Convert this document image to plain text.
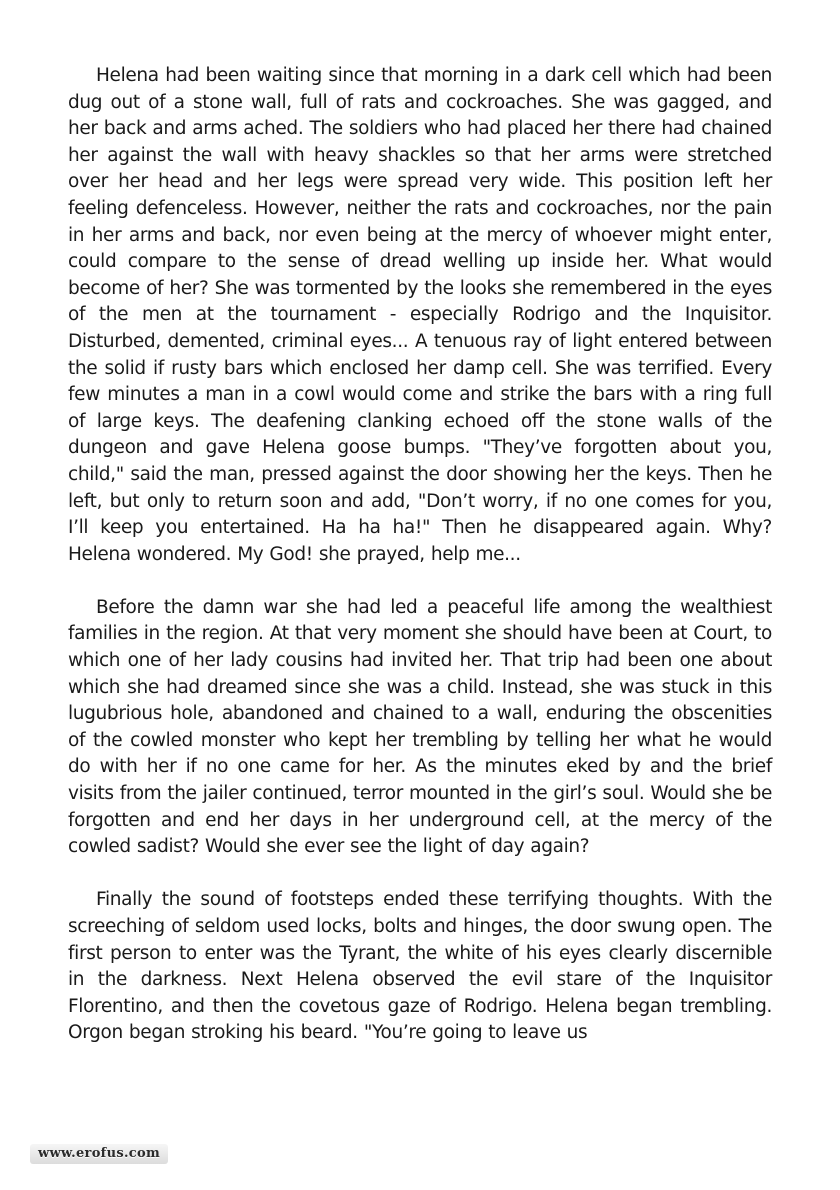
Helena had been waiting since that morning in a dark cell which had been dug out of a stone wall, full of rats and cockroaches. She was gagged, and her back and arms ached. The soldiers who had placed her there had chained her against the wall with heavy shackles so that her arms were stretched over her head and her legs were spread very wide. This position left her feeling defenceless. However, neither the rats and cockroaches, nor the pain in her arms and back, nor even being at the mercy of whoever might enter, could compare to the sense of dread welling up inside her. What would become of her? She was tormented by the looks she remembered in the eyes of the men at the tournament - especially Rodrigo and the Inquisitor. Disturbed, demented, criminal eyes... A tenuous ray of light entered between the solid if rusty bars which enclosed her damp cell. She was terrified. Every few minutes a man in a cowl would come and strike the bars with a ring full of large keys. The deafening clanking echoed off the stone walls of the dungeon and gave Helena goose bumps. "They’ve forgotten about you, child," said the man, pressed against the door showing her the keys. Then he left, but only to return soon and add, "Don’t worry, if no one comes for you, I’ll keep you entertained. Ha ha ha!" Then he disappeared again. Why? Helena wondered. My God! she prayed, help me...

Before the damn war she had led a peaceful life among the wealthiest families in the region. At that very moment she should have been at Court, to which one of her lady cousins had invited her. That trip had been one about which she had dreamed since she was a child. Instead, she was stuck in this lugubrious hole, abandoned and chained to a wall, enduring the obscenities of the cowled monster who kept her trembling by telling her what he would do with her if no one came for her. As the minutes eked by and the brief visits from the jailer continued, terror mounted in the girl’s soul. Would she be forgotten and end her days in her underground cell, at the mercy of the cowled sadist? Would she ever see the light of day again?

Finally the sound of footsteps ended these terrifying thoughts. With the screeching of seldom used locks, bolts and hinges, the door swung open. The first person to enter was the Tyrant, the white of his eyes clearly discernible in the darkness. Next Helena observed the evil stare of the Inquisitor Florentino, and then the covetous gaze of Rodrigo. Helena began trembling. Orgon began stroking his beard. "You’re going to leave us

www.erofus.com
